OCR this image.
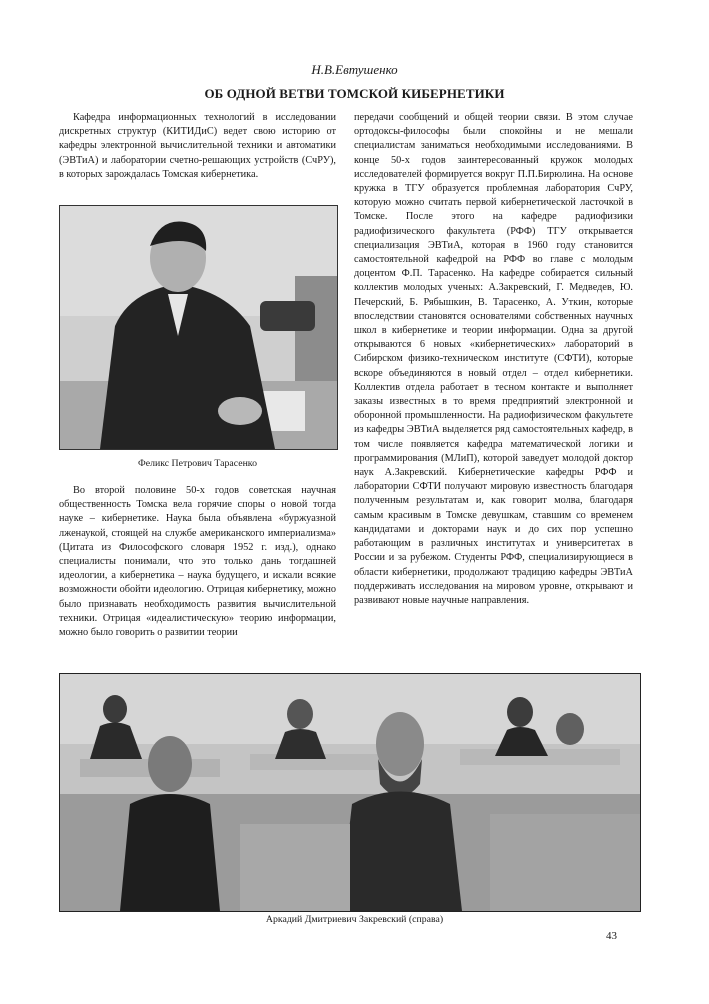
Н.В.Евтушенко
ОБ ОДНОЙ ВЕТВИ ТОМСКОЙ КИБЕРНЕТИКИ

Кафедра информационных технологий в исследовании дискретных структур (КИТИДиС) ведет свою историю от кафедры электронной вычислительной техники и автоматики (ЭВТиА) и лаборатории счетно-решающих устройств (СчРУ), в которых зарождалась Томская кибернетика.

Феликс Петрович Тарасенко

Во второй половине 50-х годов советская научная общественность Томска вела горячие споры о новой тогда науке – кибернетике. Наука была объявлена «буржуазной лженаукой, стоящей на службе американского империализма» (Цитата из Философского словаря 1952 г. изд.), однако специалисты понимали, что это только дань тогдашней идеологии, а кибернетика – наука будущего, и искали всякие возможности обойти идеологию. Отрицая кибернетику, можно было признавать необходимость развития вычислительной техники. Отрицая «идеалистическую» теорию информации, можно было говорить о развитии теории

передачи сообщений и общей теории связи. В этом случае ортодоксы-философы были спокойны и не мешали специалистам заниматься необходимыми исследованиями. В конце 50-х годов заинтересованный кружок молодых исследователей формируется вокруг П.П.Бирюлина. На основе кружка в ТГУ образуется проблемная лаборатория СчРУ, которую можно считать первой кибернетической ласточкой в Томске. После этого на кафедре радиофизики радиофизического факультета (РФФ) ТГУ открывается специализация ЭВТиА, которая в 1960 году становится самостоятельной кафедрой на РФФ во главе с молодым доцентом Ф.П. Тарасенко. На кафедре собирается сильный коллектив молодых ученых: А.Закревский, Г. Медведев, Ю. Печерский, Б. Рябышкин, В. Тарасенко, А. Уткин, которые впоследствии становятся основателями собственных научных школ в кибернетике и теории информации. Одна за другой открываются 6 новых «кибернетических» лабораторий в Сибирском физико-техническом институте (СФТИ), которые вскоре объединяются в новый отдел – отдел кибернетики. Коллектив отдела работает в тесном контакте и выполняет заказы известных в то время предприятий электронной и оборонной промышленности. На радиофизическом факультете из кафедры ЭВТиА выделяется ряд самостоятельных кафедр, в том числе появляется кафедра математической логики и программирования (МЛиП), которой заведует молодой доктор наук А.Закревский. Кибернетические кафедры РФФ и лаборатории СФТИ получают мировую известность благодаря полученным результатам и, как говорит молва, благодаря самым красивым в Томске девушкам, ставшим со временем кандидатами и докторами наук и до сих пор успешно работающим в различных институтах и университетах в России и за рубежом. Студенты РФФ, специализирующиеся в области кибернетики, продолжают традицию кафедры ЭВТиА поддерживать исследования на мировом уровне, открывают и развивают новые научные направления.

Аркадий Дмитриевич Закревский (справа)
43
